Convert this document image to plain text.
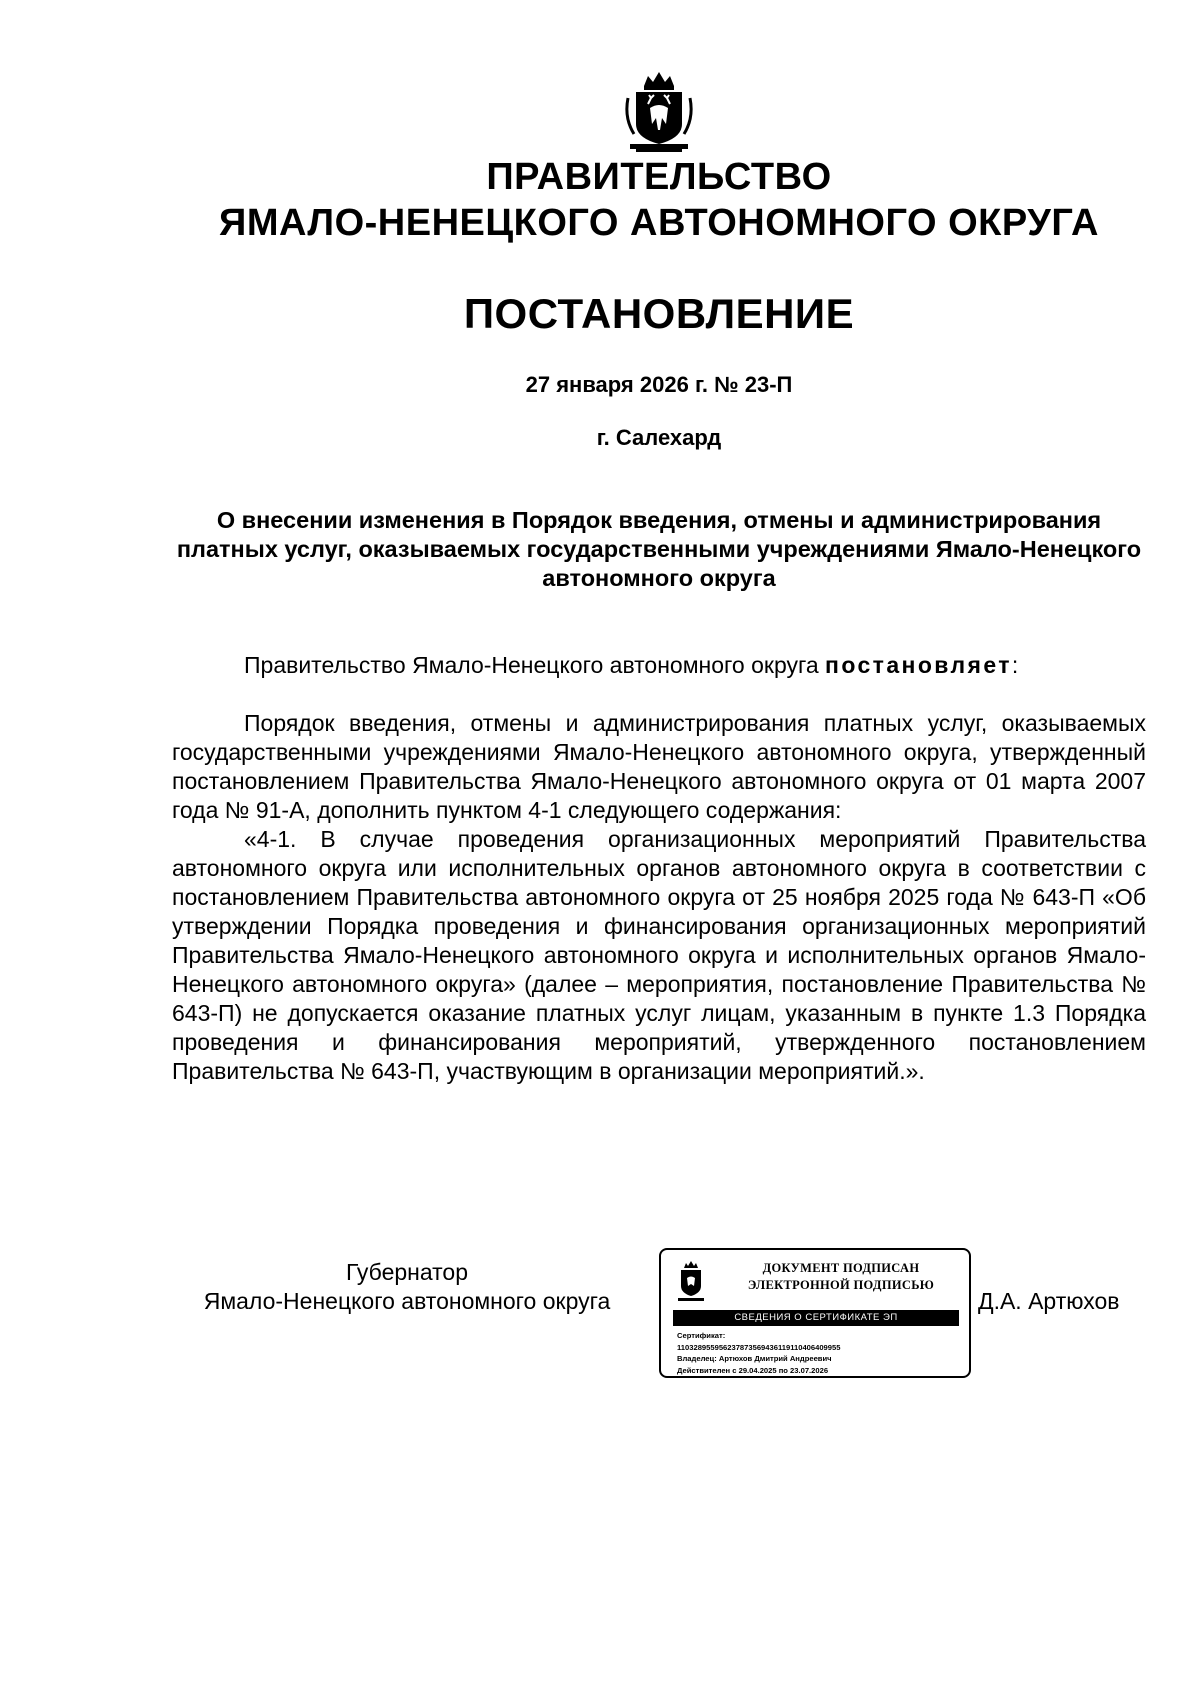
ПРАВИТЕЛЬСТВО
ЯМАЛО-НЕНЕЦКОГО АВТОНОМНОГО ОКРУГА
ПОСТАНОВЛЕНИЕ
27 января 2026 г. № 23-П
г. Салехард
О внесении изменения в Порядок введения, отмены и администрирования платных услуг, оказываемых государственными учреждениями Ямало-Ненецкого автономного округа
Правительство Ямало-Ненецкого автономного округа постановляет:

Порядок введения, отмены и администрирования платных услуг, оказываемых государственными учреждениями Ямало-Ненецкого автономного округа, утвержденный постановлением Правительства Ямало-Ненецкого автономного округа от 01 марта 2007 года № 91-А, дополнить пунктом 4-1 следующего содержания:

«4-1. В случае проведения организационных мероприятий Правительства автономного округа или исполнительных органов автономного округа в соответствии с постановлением Правительства автономного округа от 25 ноября 2025 года № 643-П «Об утверждении Порядка проведения и финансирования организационных мероприятий Правительства Ямало-Ненецкого автономного округа и исполнительных органов Ямало-Ненецкого автономного округа» (далее – мероприятия, постановление Правительства № 643-П) не допускается оказание платных услуг лицам, указанным в пункте 1.3 Порядка проведения и финансирования мероприятий, утвержденного постановлением Правительства № 643-П, участвующим в организации мероприятий.».

Губернатор
Ямало-Ненецкого автономного округа
ДОКУМЕНТ ПОДПИСАН
ЭЛЕКТРОННОЙ ПОДПИСЬЮ
СВЕДЕНИЯ О СЕРТИФИКАТЕ ЭП
Сертификат:
110328955956237873569436119110406409955
Владелец: Артюхов Дмитрий Андреевич
Действителен с 29.04.2025 по 23.07.2026
Д.А. Артюхов
